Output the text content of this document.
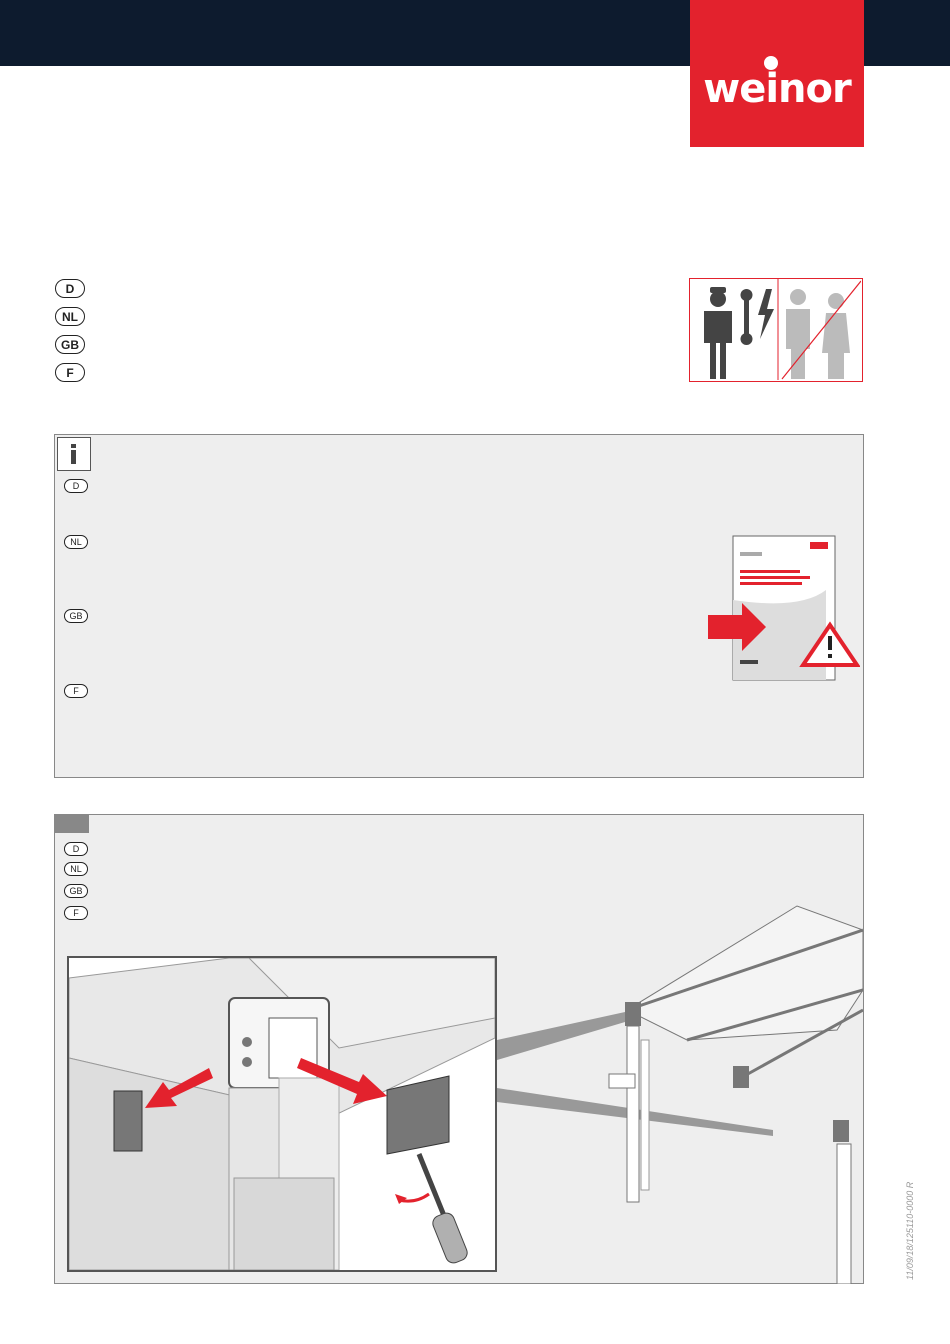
weinor
D
NL
GB
F
D
NL
GB
F
D
NL
GB
F
11/09/18/125110-0000 R
